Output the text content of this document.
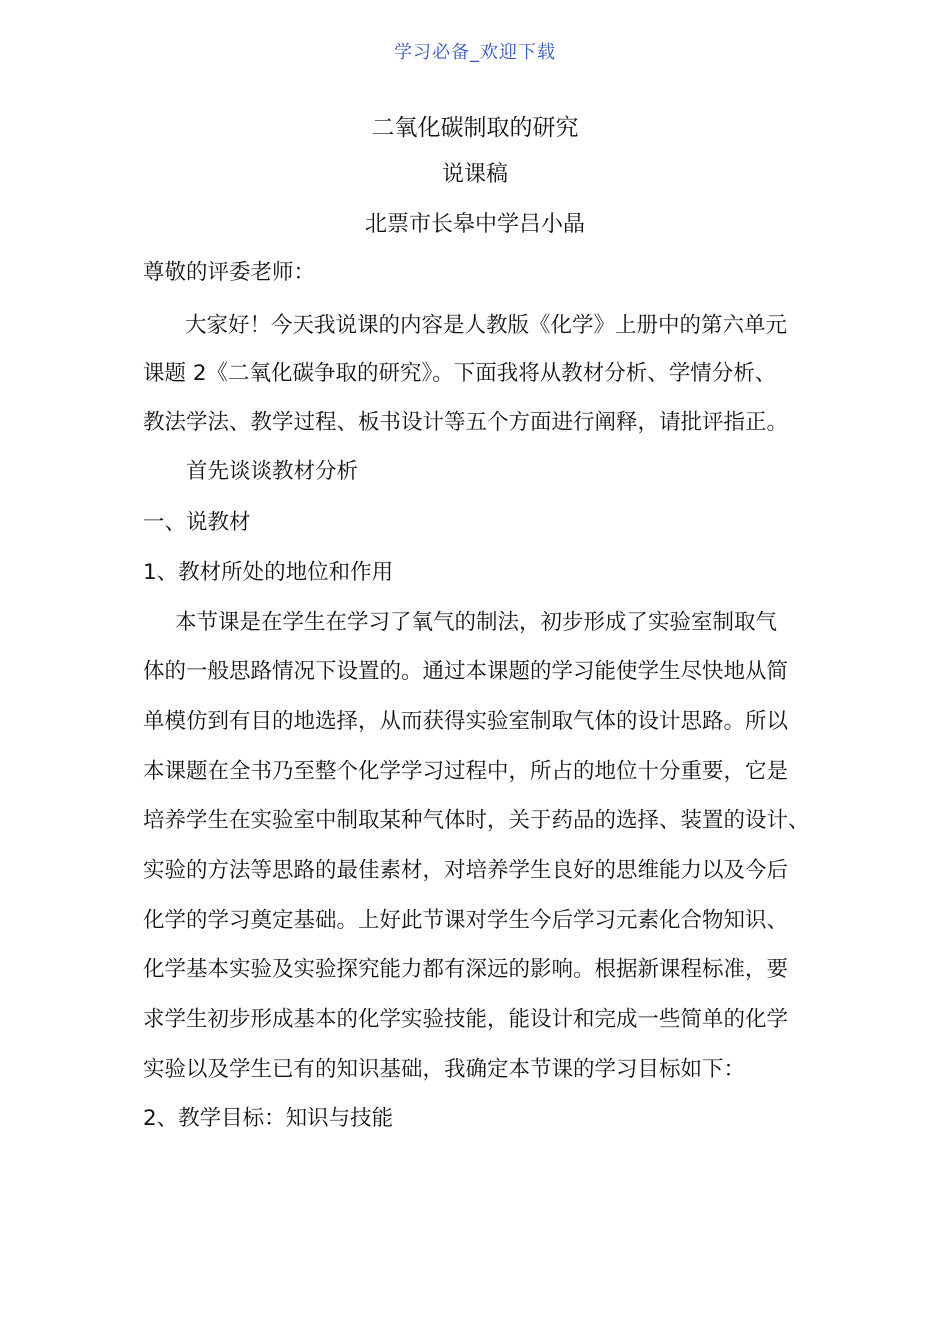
学习必备_欢迎下载
二氧化碳制取的研究
说课稿
北票市长皋中学吕小晶
尊敬的评委老师：
大家好！今天我说课的内容是人教版《化学》上册中的第六单元
课题 2《二氧化碳争取的研究》。下面我将从教材分析、学情分析、
教法学法、教学过程、板书设计等五个方面进行阐释，请批评指正。
首先谈谈教材分析
一、说教材
1、教材所处的地位和作用
本节课是在学生在学习了氧气的制法，初步形成了实验室制取气
体的一般思路情况下设置的。通过本课题的学习能使学生尽快地从简
单模仿到有目的地选择，从而获得实验室制取气体的设计思路。所以
本课题在全书乃至整个化学学习过程中，所占的地位十分重要，它是
培养学生在实验室中制取某种气体时，关于药品的选择、装置的设计、
实验的方法等思路的最佳素材，对培养学生良好的思维能力以及今后
化学的学习奠定基础。上好此节课对学生今后学习元素化合物知识、
化学基本实验及实验探究能力都有深远的影响。根据新课程标准，要
求学生初步形成基本的化学实验技能，能设计和完成一些简单的化学
实验以及学生已有的知识基础，我确定本节课的学习目标如下：
2、教学目标：知识与技能
